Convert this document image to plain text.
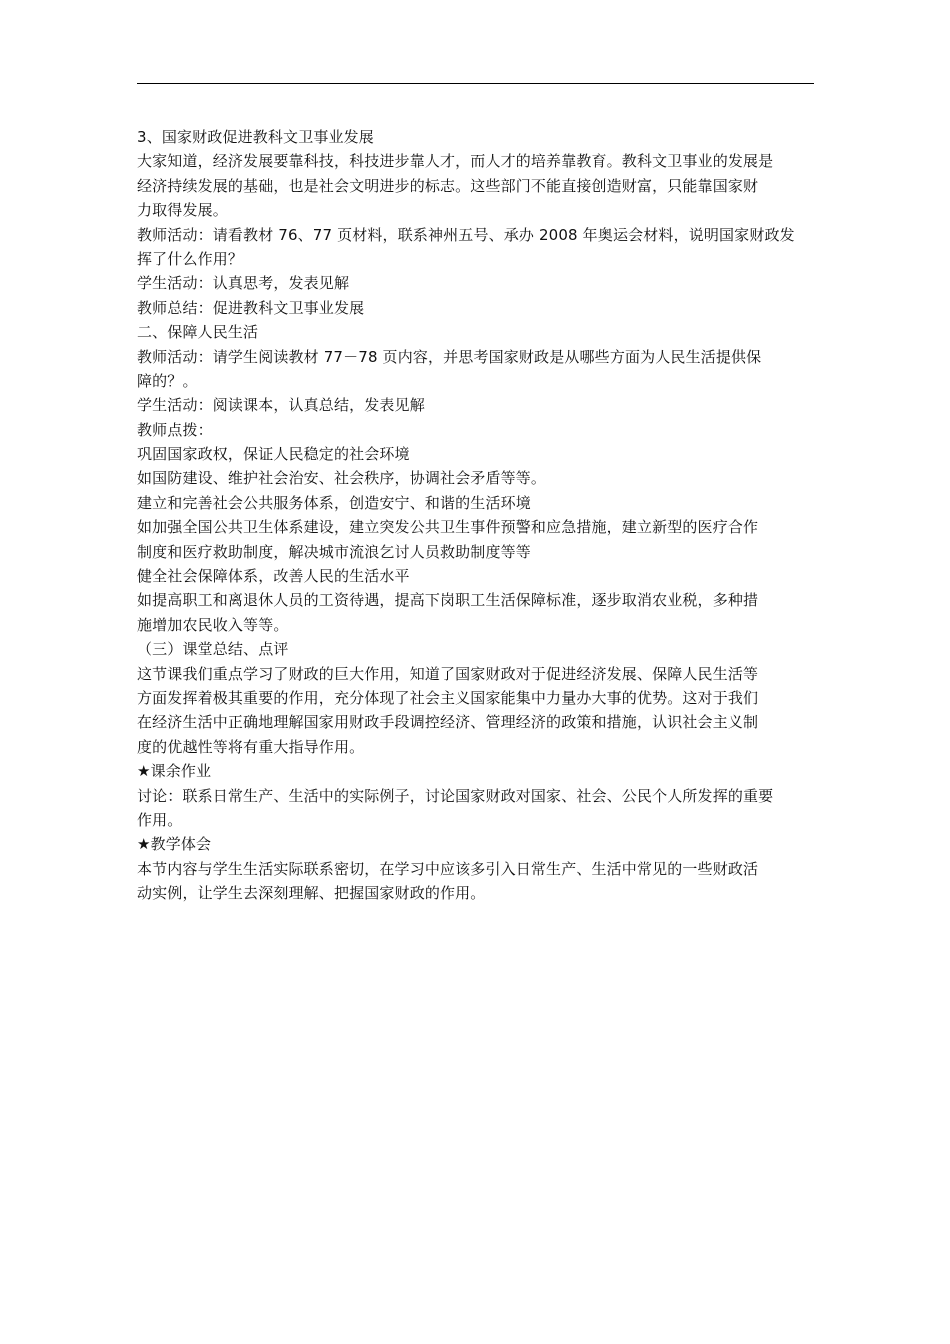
3、国家财政促进教科文卫事业发展
大家知道，经济发展要靠科技，科技进步靠人才，而人才的培养靠教育。教科文卫事业的发展是
经济持续发展的基础，也是社会文明进步的标志。这些部门不能直接创造财富，只能靠国家财
力取得发展。
教师活动：请看教材 76、77 页材料，联系神州五号、承办 2008 年奥运会材料，说明国家财政发
挥了什么作用？
学生活动：认真思考，发表见解
教师总结：促进教科文卫事业发展
二、保障人民生活
教师活动：请学生阅读教材 77－78 页内容，并思考国家财政是从哪些方面为人民生活提供保
障的？。
学生活动：阅读课本，认真总结，发表见解
教师点拨：
巩固国家政权，保证人民稳定的社会环境
如国防建设、维护社会治安、社会秩序，协调社会矛盾等等。
建立和完善社会公共服务体系，创造安宁、和谐的生活环境
如加强全国公共卫生体系建设，建立突发公共卫生事件预警和应急措施，建立新型的医疗合作
制度和医疗救助制度，解决城市流浪乞讨人员救助制度等等
健全社会保障体系，改善人民的生活水平
如提高职工和离退休人员的工资待遇，提高下岗职工生活保障标准，逐步取消农业税，多种措
施增加农民收入等等。
（三）课堂总结、点评
这节课我们重点学习了财政的巨大作用，知道了国家财政对于促进经济发展、保障人民生活等
方面发挥着极其重要的作用，充分体现了社会主义国家能集中力量办大事的优势。这对于我们
在经济生活中正确地理解国家用财政手段调控经济、管理经济的政策和措施，认识社会主义制
度的优越性等将有重大指导作用。
★课余作业
讨论：联系日常生产、生活中的实际例子，讨论国家财政对国家、社会、公民个人所发挥的重要
作用。
★教学体会
本节内容与学生生活实际联系密切，在学习中应该多引入日常生产、生活中常见的一些财政活
动实例，让学生去深刻理解、把握国家财政的作用。
